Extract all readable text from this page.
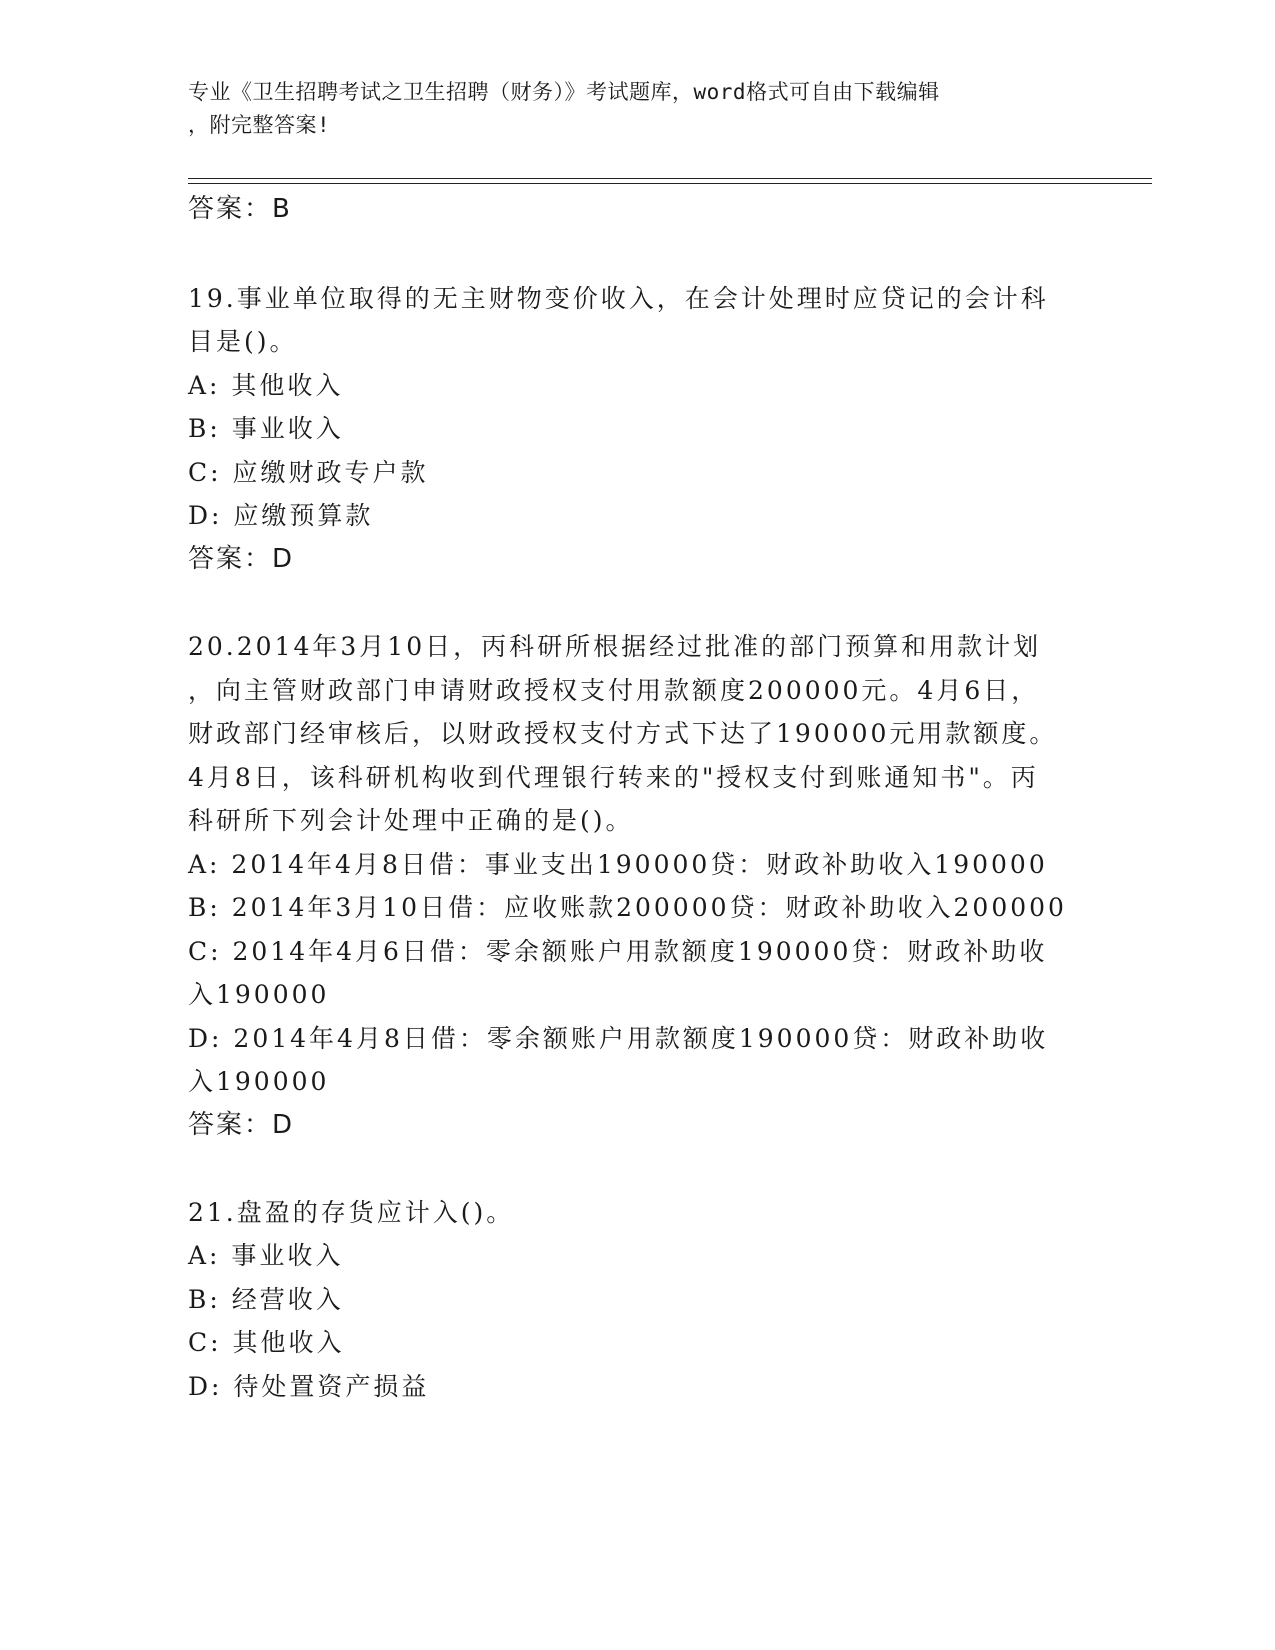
专业《卫生招聘考试之卫生招聘（财务）》考试题库，word格式可自由下载编辑
，附完整答案!
答案：B
19.事业单位取得的无主财物变价收入，在会计处理时应贷记的会计科
目是()。
A: 其他收入
B: 事业收入
C: 应缴财政专户款
D: 应缴预算款
答案：D
20.2014年3月10日，丙科研所根据经过批准的部门预算和用款计划
，向主管财政部门申请财政授权支付用款额度200000元。4月6日，
财政部门经审核后，以财政授权支付方式下达了190000元用款额度。
4月8日，该科研机构收到代理银行转来的"授权支付到账通知书"。丙
科研所下列会计处理中正确的是()。
A: 2014年4月8日借：事业支出190000贷：财政补助收入190000
B: 2014年3月10日借：应收账款200000贷：财政补助收入200000
C: 2014年4月6日借：零余额账户用款额度190000贷：财政补助收
入190000
D: 2014年4月8日借：零余额账户用款额度190000贷：财政补助收
入190000
答案：D
21.盘盈的存货应计入()。
A: 事业收入
B: 经营收入
C: 其他收入
D: 待处置资产损益
